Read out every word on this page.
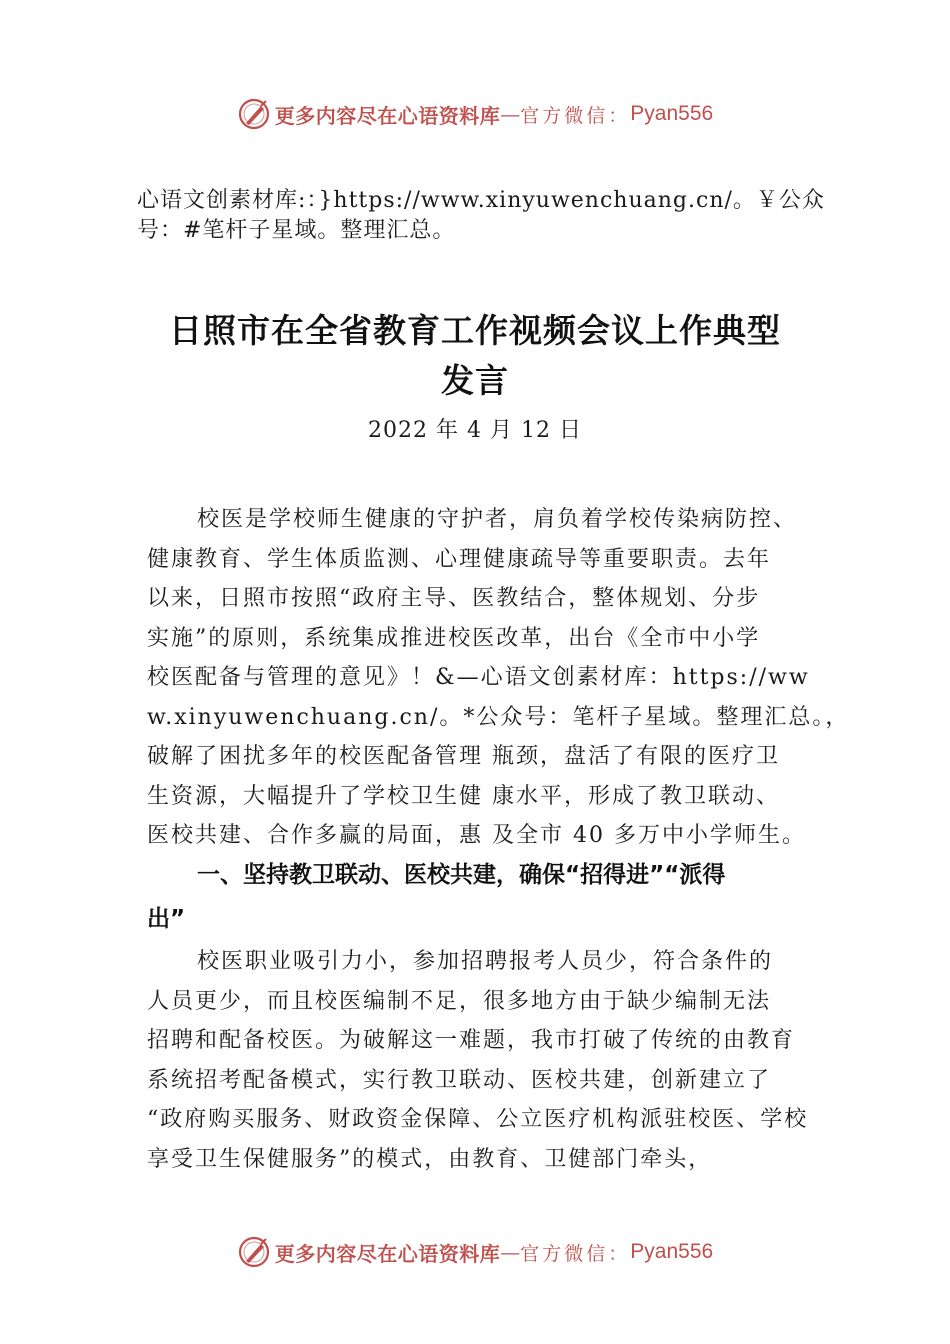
更多内容尽在心语资料库 — 官方微信： Pyan556
心语文创素材库:：}https://www.xinyuwenchuang.cn/。￥公众号：#笔杆子星域。整理汇总。
日照市在全省教育工作视频会议上作典型
发言
2022 年 4 月 12 日
校医是学校师生健康的守护者，肩负着学校传染病防控、
健康教育、学生体质监测、心理健康疏导等重要职责。去年
以来，日照市按照“政府主导、医教结合，整体规划、分步
实施”的原则，系统集成推进校医改革，出台《全市中小学
校医配备与管理的意见》！&—心语文创素材库：https://ww
w.xinyuwenchuang.cn/。*公众号：笔杆子星域。整理汇总。，
破解了困扰多年的校医配备管理 瓶颈，盘活了有限的医疗卫
生资源，大幅提升了学校卫生健 康水平，形成了教卫联动、
医校共建、合作多赢的局面，惠 及全市 40 多万中小学师生。
一、坚持教卫联动、医校共建，确保“招得进”“派得
出”
校医职业吸引力小，参加招聘报考人员少，符合条件的
人员更少，而且校医编制不足，很多地方由于缺少编制无法
招聘和配备校医。为破解这一难题，我市打破了传统的由教育
系统招考配备模式，实行教卫联动、医校共建，创新建立了
“政府购买服务、财政资金保障、公立医疗机构派驻校医、学校
享受卫生保健服务”的模式，由教育、卫健部门牵头，
更多内容尽在心语资料库 — 官方微信： Pyan556
